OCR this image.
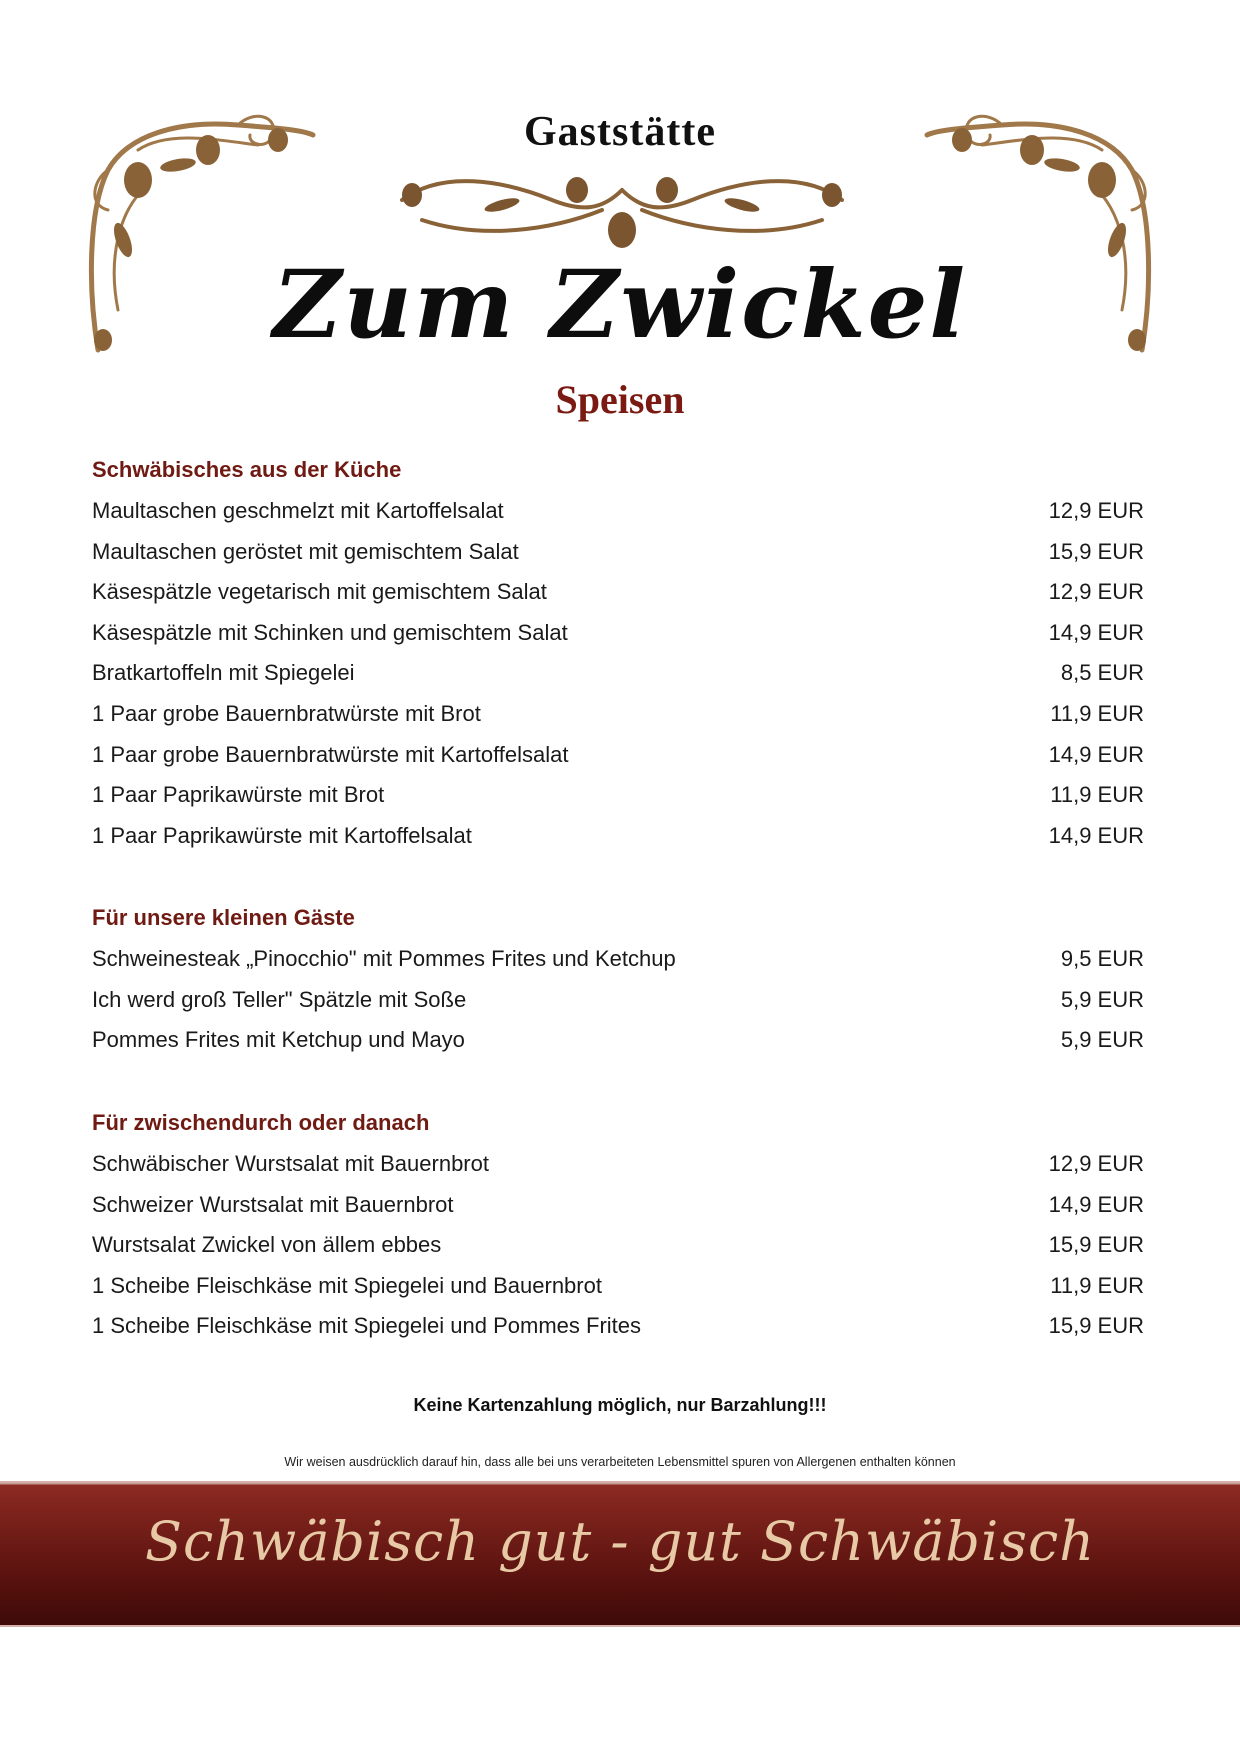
Gaststätte
Zum Zwickel
Speisen
Schwäbisches aus der Küche
Maultaschen geschmelzt mit Kartoffelsalat	12,9 EUR
Maultaschen geröstet mit gemischtem Salat	15,9 EUR
Käsespätzle vegetarisch mit gemischtem Salat	12,9 EUR
Käsespätzle mit Schinken und gemischtem Salat	14,9 EUR
Bratkartoffeln mit Spiegelei	8,5 EUR
1 Paar grobe Bauernbratwürste mit Brot	11,9 EUR
1 Paar grobe Bauernbratwürste mit Kartoffelsalat	14,9 EUR
1 Paar Paprikawürste mit Brot	11,9 EUR
1 Paar Paprikawürste mit Kartoffelsalat	14,9 EUR
Für unsere kleinen Gäste
Schweinesteak „Pinocchio" mit Pommes Frites und Ketchup	9,5 EUR
Ich werd groß Teller" Spätzle mit Soße	5,9 EUR
Pommes Frites mit Ketchup und Mayo	5,9 EUR
Für zwischendurch oder danach
Schwäbischer Wurstsalat mit Bauernbrot	12,9 EUR
Schweizer Wurstsalat mit Bauernbrot	14,9 EUR
Wurstsalat Zwickel von ällem ebbes	15,9 EUR
1 Scheibe Fleischkäse mit Spiegelei und Bauernbrot	11,9 EUR
1 Scheibe Fleischkäse mit Spiegelei und Pommes Frites	15,9 EUR
Keine Kartenzahlung möglich, nur Barzahlung!!!
Wir weisen ausdrücklich darauf hin, dass alle bei uns verarbeiteten Lebensmittel spuren von Allergenen enthalten können
Schwäbisch gut - gut Schwäbisch
